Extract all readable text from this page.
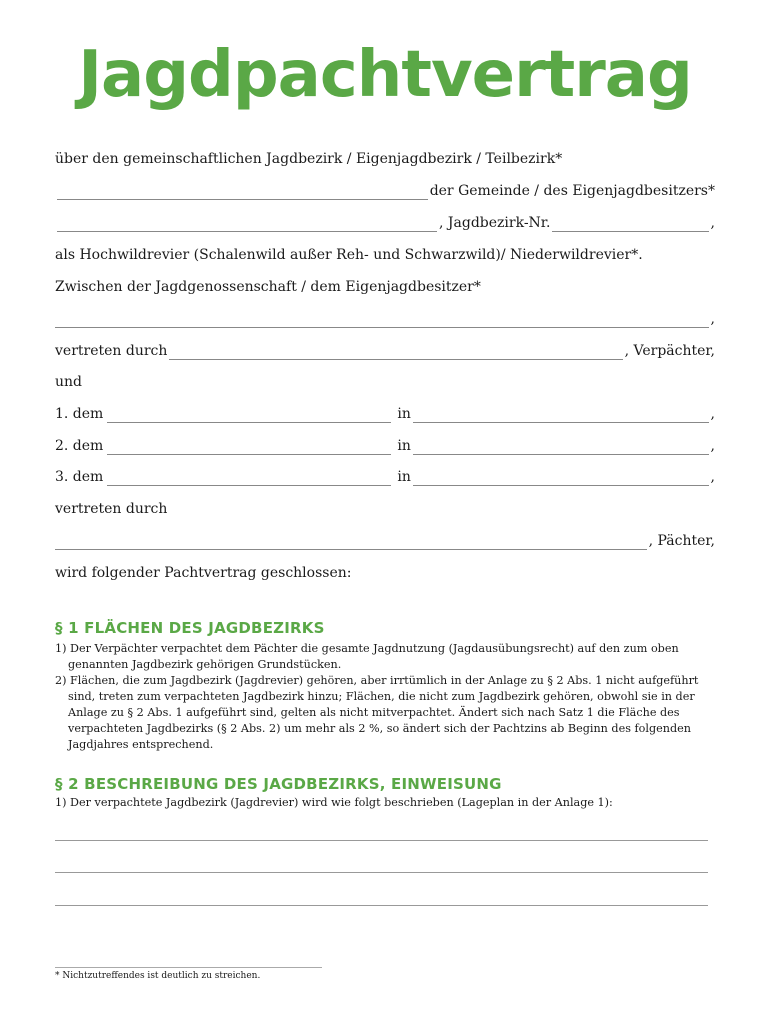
Jagdpachtvertrag
über den gemeinschaftlichen Jagdbezirk / Eigenjagdbezirk / Teilbezirk*
der Gemeinde / des Eigenjagdbesitzers*
, Jagdbezirk-Nr.	,
als Hochwildrevier (Schalenwild außer Reh- und Schwarzwild)/ Niederwildrevier*.
Zwischen der Jagdgenossenschaft / dem Eigenjagdbesitzer*
,
vertreten durch	, Verpächter,
und
1. dem	in	,
2. dem	in	,
3. dem	in	,
vertreten durch
, Pächter,
wird folgender Pachtvertrag geschlossen:
§ 1 FLÄCHEN DES JAGDBEZIRKS
1) Der Verpächter verpachtet dem Pächter die gesamte Jagdnutzung (Jagdausübungsrecht) auf den zum oben genannten Jagdbezirk gehörigen Grundstücken.
2) Flächen, die zum Jagdbezirk (Jagdrevier) gehören, aber irrtümlich in der Anlage zu § 2 Abs. 1 nicht aufgeführt sind, treten zum verpachteten Jagdbezirk hinzu; Flächen, die nicht zum Jagdbezirk gehören, obwohl sie in der Anlage zu § 2 Abs. 1 aufgeführt sind, gelten als nicht mitverpachtet. Ändert sich nach Satz 1 die Fläche des verpachteten Jagdbezirks (§ 2 Abs. 2) um mehr als 2 %, so ändert sich der Pachtzins ab Beginn des folgenden Jagdjahres entsprechend.
§ 2 BESCHREIBUNG DES JAGDBEZIRKS, EINWEISUNG
1) Der verpachtete Jagdbezirk (Jagdrevier) wird wie folgt beschrieben (Lageplan in der Anlage 1):
* Nichtzutreffendes ist deutlich zu streichen.
